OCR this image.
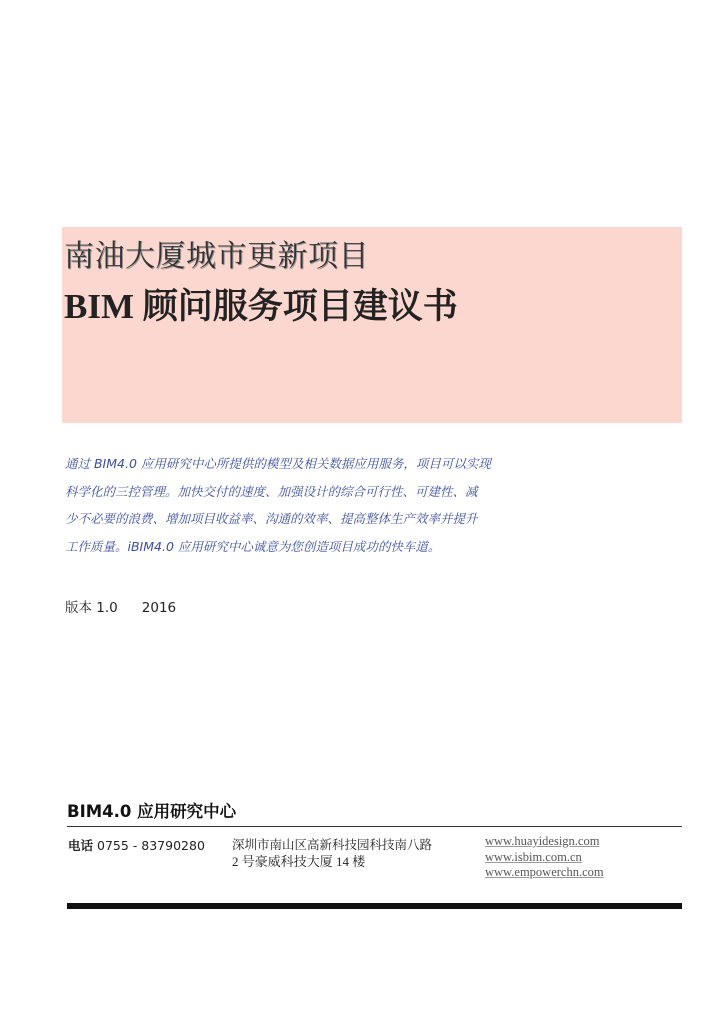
南油大厦城市更新项目
BIM 顾问服务项目建议书
通过 BIM4.0 应用研究中心所提供的模型及相关数据应用服务，项目可以实现
科学化的三控管理。加快交付的速度、加强设计的综合可行性、可建性、减
少不必要的浪费、增加项目收益率、沟通的效率、提高整体生产效率并提升
工作质量。iBIM4.0 应用研究中心诚意为您创造项目成功的快车道。
版本 1.0 2016
BIM4.0 应用研究中心
电话 0755 - 83790280 深圳市南山区高新科技园科技南八路
2 号豪威科技大厦 14 楼
www.huayidesign.com
www.isbim.com.cn
www.empowerchn.com
